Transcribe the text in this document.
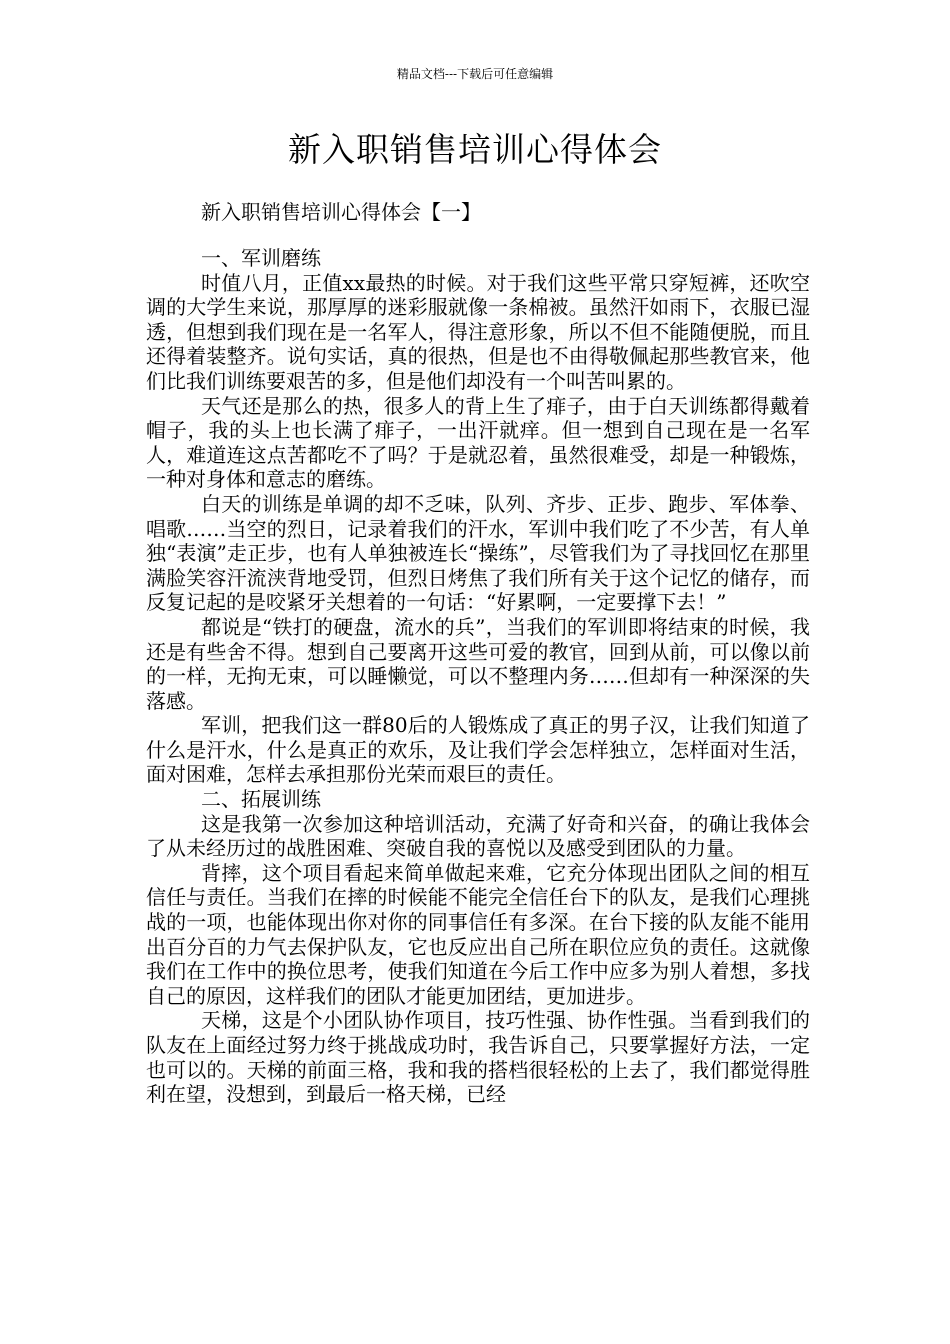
精品文档---下载后可任意编辑
新入职销售培训心得体会

新入职销售培训心得体会【一】

一、军训磨练

时值八月，正值xx最热的时候。对于我们这些平常只穿短裤，还吹空调的大学生来说，那厚厚的迷彩服就像一条棉被。虽然汗如雨下，衣服已湿透，但想到我们现在是一名军人，得注意形象，所以不但不能随便脱，而且还得着装整齐。说句实话，真的很热，但是也不由得敬佩起那些教官来，他们比我们训练要艰苦的多，但是他们却没有一个叫苦叫累的。

天气还是那么的热，很多人的背上生了痱子，由于白天训练都得戴着帽子，我的头上也长满了痱子，一出汗就痒。但一想到自己现在是一名军人，难道连这点苦都吃不了吗？于是就忍着，虽然很难受，却是一种锻炼，一种对身体和意志的磨练。

白天的训练是单调的却不乏味，队列、齐步、正步、跑步、军体拳、唱歌……当空的烈日，记录着我们的汗水，军训中我们吃了不少苦，有人单独“表演”走正步，也有人单独被连长“操练”，尽管我们为了寻找回忆在那里满脸笑容汗流浃背地受罚，但烈日烤焦了我们所有关于这个记忆的储存，而反复记起的是咬紧牙关想着的一句话：“好累啊，一定要撑下去！”

都说是“铁打的硬盘，流水的兵”，当我们的军训即将结束的时候，我还是有些舍不得。想到自己要离开这些可爱的教官，回到从前，可以像以前的一样，无拘无束，可以睡懒觉，可以不整理内务……但却有一种深深的失落感。

军训，把我们这一群80后的人锻炼成了真正的男子汉，让我们知道了什么是汗水，什么是真正的欢乐，及让我们学会怎样独立，怎样面对生活，面对困难，怎样去承担那份光荣而艰巨的责任。

二、拓展训练

这是我第一次参加这种培训活动，充满了好奇和兴奋，的确让我体会了从未经历过的战胜困难、突破自我的喜悦以及感受到团队的力量。

背摔，这个项目看起来简单做起来难，它充分体现出团队之间的相互信任与责任。当我们在摔的时候能不能完全信任台下的队友，是我们心理挑战的一项，也能体现出你对你的同事信任有多深。在台下接的队友能不能用出百分百的力气去保护队友，它也反应出自己所在职位应负的责任。这就像我们在工作中的换位思考，使我们知道在今后工作中应多为别人着想，多找自己的原因，这样我们的团队才能更加团结，更加进步。

天梯，这是个小团队协作项目，技巧性强、协作性强。当看到我们的队友在上面经过努力终于挑战成功时，我告诉自己，只要掌握好方法，一定也可以的。天梯的前面三格，我和我的搭档很轻松的上去了，我们都觉得胜利在望，没想到，到最后一格天梯，已经
